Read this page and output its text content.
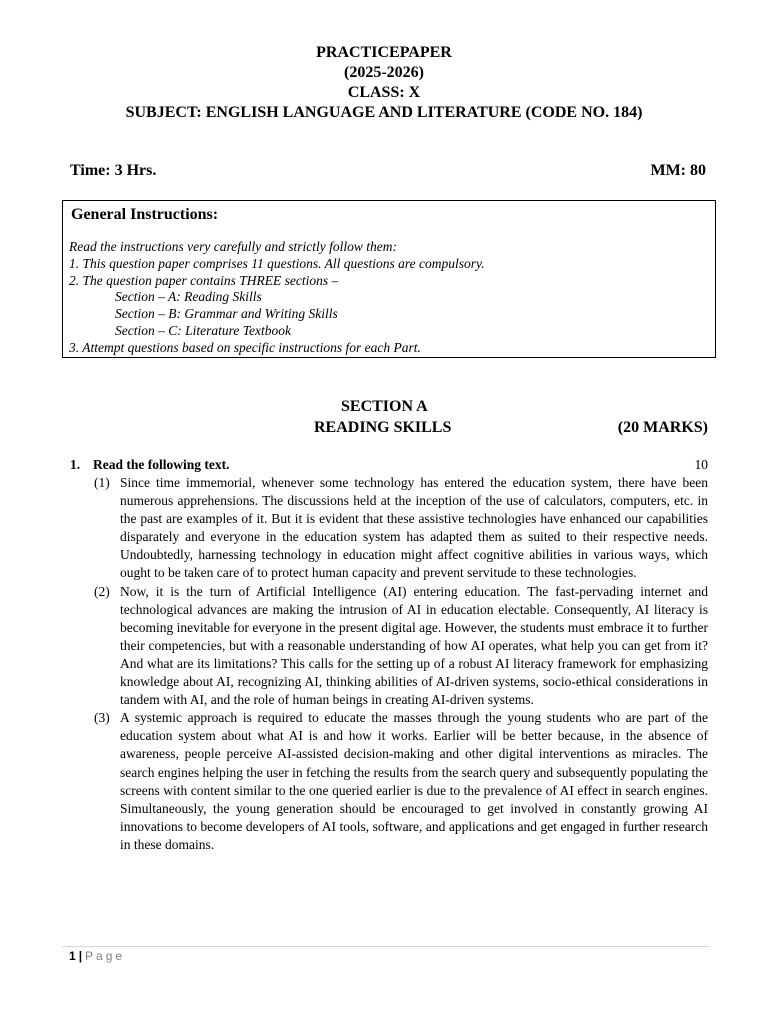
PRACTICEPAPER
(2025-2026)
CLASS: X
SUBJECT: ENGLISH LANGUAGE AND LITERATURE (CODE NO. 184)
Time: 3 Hrs.	MM: 80
General Instructions:
Read the instructions very carefully and strictly follow them:
1. This question paper comprises 11 questions. All questions are compulsory.
2. The question paper contains THREE sections –
Section – A: Reading Skills
Section – B: Grammar and Writing Skills
Section – C: Literature Textbook
3. Attempt questions based on specific instructions for each Part.
SECTION A
READING SKILLS	(20 MARKS)
1. Read the following text.	10
(1) Since time immemorial, whenever some technology has entered the education system, there have been numerous apprehensions. The discussions held at the inception of the use of calculators, computers, etc. in the past are examples of it. But it is evident that these assistive technologies have enhanced our capabilities disparately and everyone in the education system has adapted them as suited to their respective needs. Undoubtedly, harnessing technology in education might affect cognitive abilities in various ways, which ought to be taken care of to protect human capacity and prevent servitude to these technologies.
(2) Now, it is the turn of Artificial Intelligence (AI) entering education. The fast-pervading internet and technological advances are making the intrusion of AI in education electable. Consequently, AI literacy is becoming inevitable for everyone in the present digital age. However, the students must embrace it to further their competencies, but with a reasonable understanding of how AI operates, what help you can get from it? And what are its limitations? This calls for the setting up of a robust AI literacy framework for emphasizing knowledge about AI, recognizing AI, thinking abilities of AI-driven systems, socio-ethical considerations in tandem with AI, and the role of human beings in creating AI-driven systems.
(3) A systemic approach is required to educate the masses through the young students who are part of the education system about what AI is and how it works. Earlier will be better because, in the absence of awareness, people perceive AI-assisted decision-making and other digital interventions as miracles. The search engines helping the user in fetching the results from the search query and subsequently populating the screens with content similar to the one queried earlier is due to the prevalence of AI effect in search engines. Simultaneously, the young generation should be encouraged to get involved in constantly growing AI innovations to become developers of AI tools, software, and applications and get engaged in further research in these domains.
1 | Page
